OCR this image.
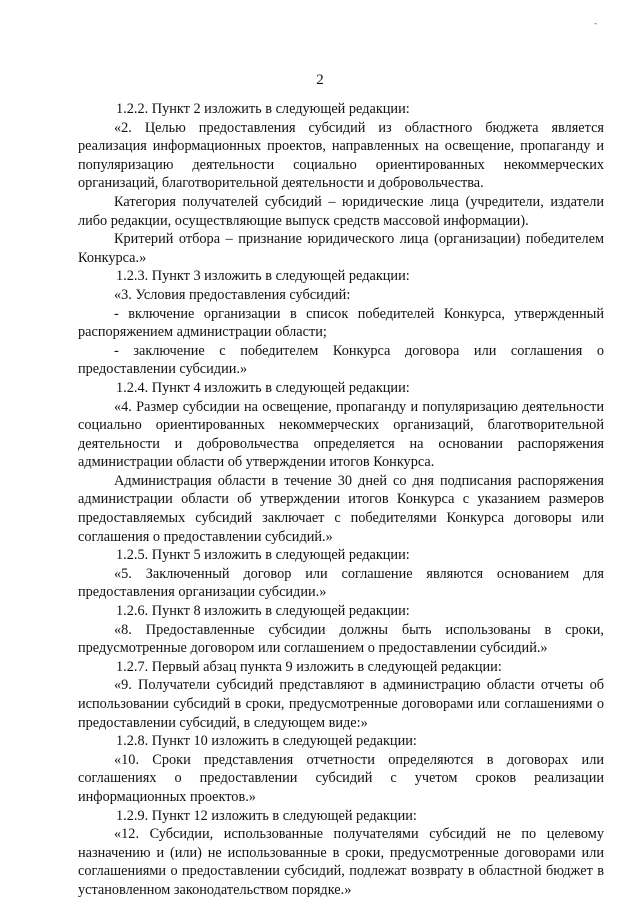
2
-

1.2.2. Пункт 2 изложить в следующей редакции:

«2. Целью предоставления субсидий из областного бюджета является реализация информационных проектов, направленных на освещение, пропаганду и популяризацию деятельности социально ориентированных некоммерческих организаций, благотворительной деятельности и добровольчества.

Категория получателей субсидий – юридические лица (учредители, издатели либо редакции, осуществляющие выпуск средств массовой информации).

Критерий отбора – признание юридического лица (организации) победителем Конкурса.»

1.2.3. Пункт 3 изложить в следующей редакции:

«3. Условия предоставления субсидий:

- включение организации в список победителей Конкурса, утвержденный распоряжением администрации области;

- заключение с победителем Конкурса договора или соглашения о предоставлении субсидии.»

1.2.4. Пункт 4 изложить в следующей редакции:

«4. Размер субсидии на освещение, пропаганду и популяризацию деятельности социально ориентированных некоммерческих организаций, благотворительной деятельности и добровольчества определяется на основании распоряжения администрации области об утверждении итогов Конкурса.

Администрация области в течение 30 дней со дня подписания распоряжения администрации области об утверждении итогов Конкурса с указанием размеров предоставляемых субсидий заключает с победителями Конкурса договоры или соглашения о предоставлении субсидий.»

1.2.5. Пункт 5 изложить в следующей редакции:

«5. Заключенный договор или соглашение являются основанием для предоставления организации субсидии.»

1.2.6. Пункт 8 изложить в следующей редакции:

«8. Предоставленные субсидии должны быть использованы в сроки, предусмотренные договором или соглашением о предоставлении субсидий.»

1.2.7. Первый абзац пункта 9 изложить в следующей редакции:

«9. Получатели субсидий представляют в администрацию области отчеты об использовании субсидий в сроки, предусмотренные договорами или соглашениями о предоставлении субсидий, в следующем виде:»

1.2.8. Пункт 10 изложить в следующей редакции:

«10. Сроки представления отчетности определяются в договорах или соглашениях о предоставлении субсидий с учетом сроков реализации информационных проектов.»

1.2.9. Пункт 12 изложить в следующей редакции:

«12. Субсидии, использованные получателями субсидий не по целевому назначению и (или) не использованные в сроки, предусмотренные договорами или соглашениями о предоставлении субсидий, подлежат возврату в областной бюджет в установленном законодательством порядке.»
